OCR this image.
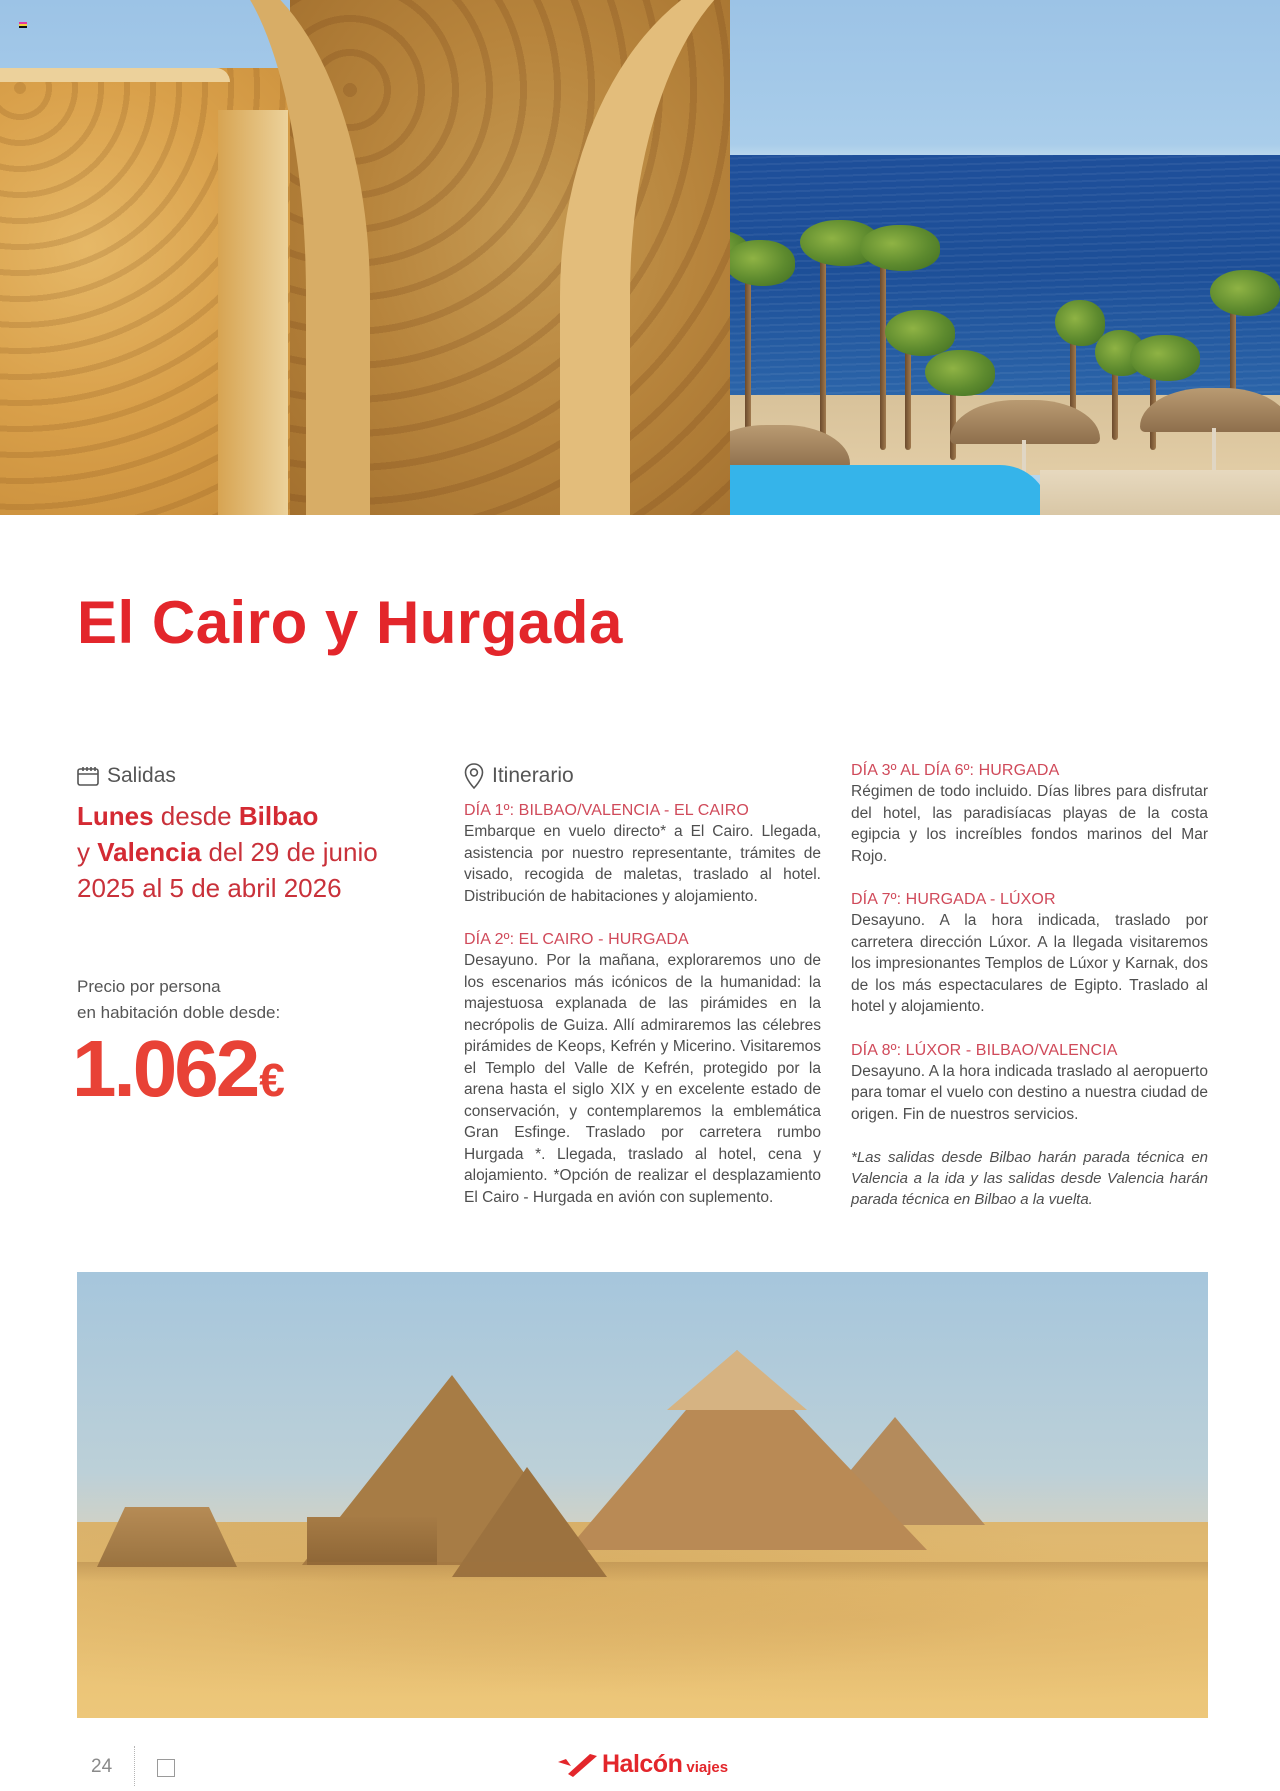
El Cairo y Hurgada
Salidas
Lunes desde Bilbao
y Valencia del 29 de junio
2025 al 5 de abril 2026
Precio por persona
en habitación doble desde:
1.062€
Itinerario
DÍA 1º: BILBAO/VALENCIA - EL CAIRO
Embarque en vuelo directo* a El Cairo. Llegada, asistencia por nuestro representante, trámites de visado, recogida de maletas, traslado al hotel. Distribución de habitaciones y alojamiento.
DÍA 2º: EL CAIRO - HURGADA
Desayuno. Por la mañana, exploraremos uno de los escenarios más icónicos de la humanidad: la majestuosa explanada de las pirámides en la necrópolis de Guiza. Allí admiraremos las célebres pirámides de Keops, Kefrén y Micerino. Visitaremos el Templo del Valle de Kefrén, protegido por la arena hasta el siglo XIX y en excelente estado de conservación, y contemplaremos la emblemática Gran Esfinge. Traslado por carretera rumbo Hurgada *. Llegada, traslado al hotel, cena y alojamiento. *Opción de realizar el desplazamiento El Cairo - Hurgada en avión con suplemento.
DÍA 3º AL DÍA 6º: HURGADA
Régimen de todo incluido. Días libres para disfrutar del hotel, las paradisíacas playas de la costa egipcia y los increíbles fondos marinos del Mar Rojo.
DÍA 7º: HURGADA - LÚXOR
Desayuno. A la hora indicada, traslado por carretera dirección Lúxor. A la llegada visitaremos los impresionantes Templos de Lúxor y Karnak, dos de los más espectaculares de Egipto. Traslado al hotel y alojamiento.
DÍA 8º: LÚXOR - BILBAO/VALENCIA
Desayuno. A la hora indicada traslado al aeropuerto para tomar el vuelo con destino a nuestra ciudad de origen. Fin de nuestros servicios.
*Las salidas desde Bilbao harán parada técnica en Valencia a la ida y las salidas desde Valencia harán parada técnica en Bilbao a la vuelta.
24	Halcón viajes
